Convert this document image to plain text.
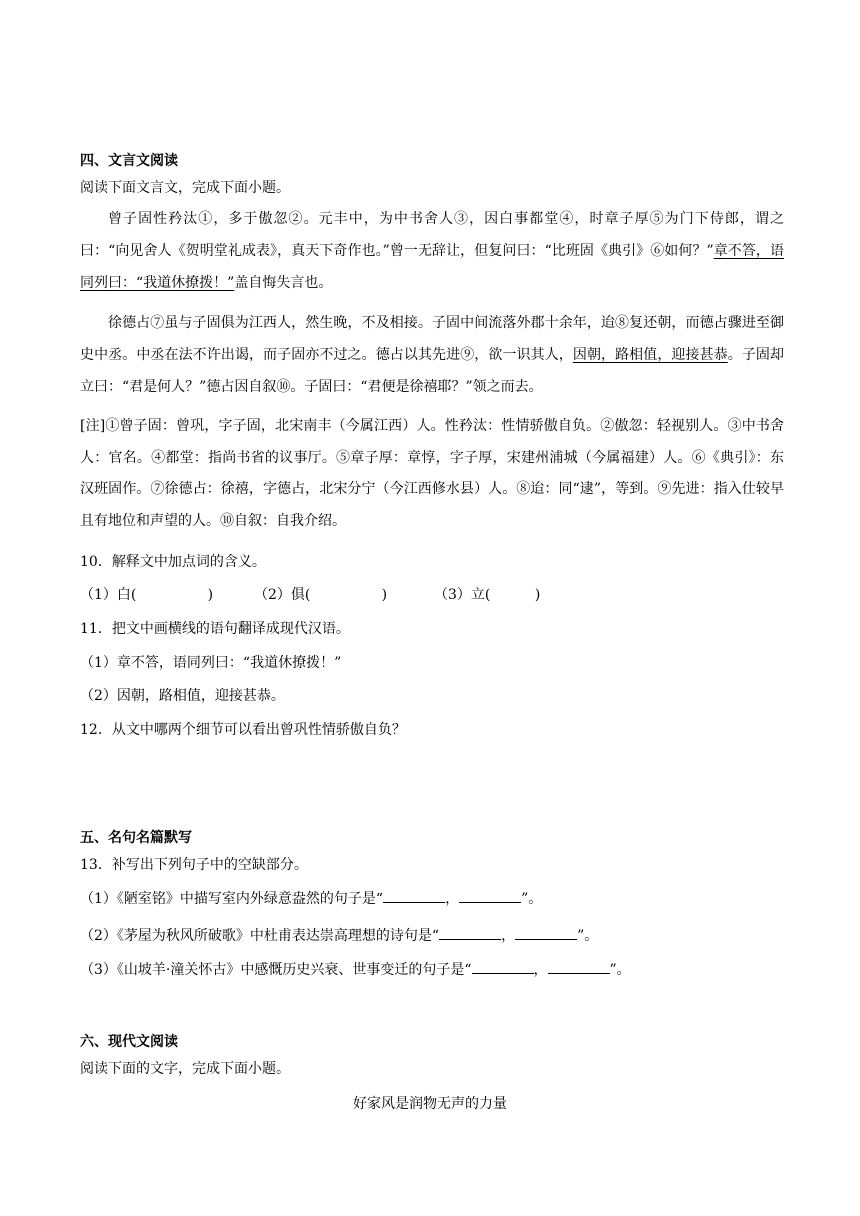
四、文言文阅读

阅读下面文言文，完成下面小题。

曾子固性矜汰①，多于傲忽②。元丰中，为中书舍人③，因白事都堂④，时章子厚⑤为门下侍郎，谓之曰：“向见舍人《贺明堂礼成表》，真天下奇作也。”曾一无辞让，但复问曰：“比班固《典引》⑥如何？”章不答，语同列曰：“我道休撩拨！”盖自悔失言也。

徐德占⑦虽与子固俱为江西人，然生晚，不及相接。子固中间流落外郡十余年，迨⑧复还朝，而德占骤进至御史中丞。中丞在法不许出谒，而子固亦不过之。德占以其先进⑨，欲一识其人，因朝，路相值，迎接甚恭。子固却立曰：“君是何人？”德占因自叙⑩。子固曰：“君便是徐禧耶？”领之而去。

[注]①曾子固：曾巩，字子固，北宋南丰（今属江西）人。性矜汰：性情骄傲自负。②傲忽：轻视别人。③中书舍人：官名。④都堂：指尚书省的议事厅。⑤章子厚：章惇，字子厚，宋建州浦城（今属福建）人。⑥《典引》：东汉班固作。⑦徐德占：徐禧，字德占，北宋分宁（今江西修水县）人。⑧迨：同“逮”，等到。⑨先进：指入仕较早且有地位和声望的人。⑩自叙：自我介绍。

10．解释文中加点词的含义。

（1）白(                )	（2）俱(                )	（3）立(          )

11．把文中画横线的语句翻译成现代汉语。

（1）章不答，语同列曰：“我道休撩拨！”

（2）因朝，路相值，迎接甚恭。

12．从文中哪两个细节可以看出曾巩性情骄傲自负？

五、名句名篇默写

13．补写出下列句子中的空缺部分。

（1）《陋室铭》中描写室内外绿意盎然的句子是“	，	”。

（2）《茅屋为秋风所破歌》中杜甫表达崇高理想的诗句是“	，	”。

（3）《山坡羊·潼关怀古》中感慨历史兴衰、世事变迁的句子是“	，	”。

六、现代文阅读

阅读下面的文字，完成下面小题。

好家风是润物无声的力量
